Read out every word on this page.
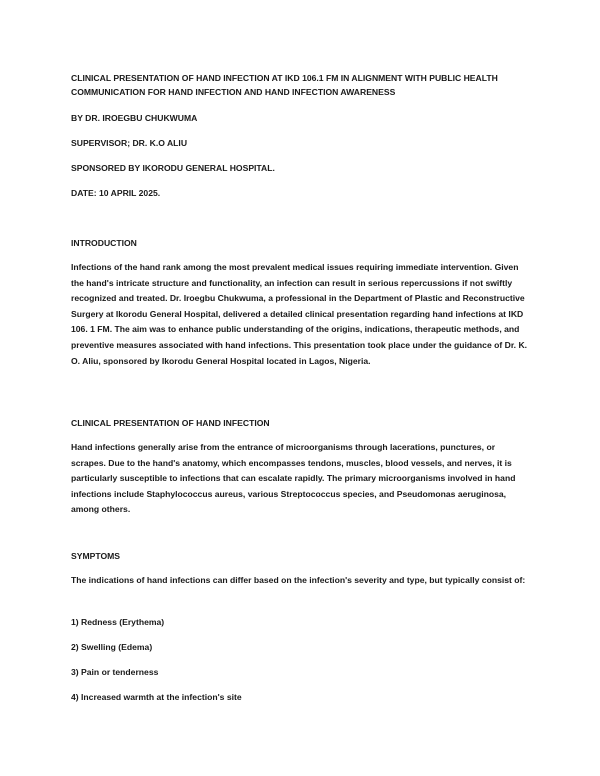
CLINICAL PRESENTATION OF HAND INFECTION AT IKD 106.1 FM IN ALIGNMENT WITH PUBLIC HEALTH COMMUNICATION FOR HAND INFECTION AND HAND INFECTION AWARENESS

BY DR. IROEGBU CHUKWUMA

SUPERVISOR; DR. K.O ALIU

SPONSORED BY IKORODU GENERAL HOSPITAL.

DATE: 10 APRIL 2025.

INTRODUCTION

Infections of the hand rank among the most prevalent medical issues requiring immediate intervention. Given the hand's intricate structure and functionality, an infection can result in serious repercussions if not swiftly recognized and treated. Dr. Iroegbu Chukwuma, a professional in the Department of Plastic and Reconstructive Surgery at Ikorodu General Hospital, delivered a detailed clinical presentation regarding hand infections at IKD 106. 1 FM. The aim was to enhance public understanding of the origins, indications, therapeutic methods, and preventive measures associated with hand infections. This presentation took place under the guidance of Dr. K. O. Aliu, sponsored by Ikorodu General Hospital located in Lagos, Nigeria.

CLINICAL PRESENTATION OF HAND INFECTION

Hand infections generally arise from the entrance of microorganisms through lacerations, punctures, or scrapes. Due to the hand's anatomy, which encompasses tendons, muscles, blood vessels, and nerves, it is particularly susceptible to infections that can escalate rapidly. The primary microorganisms involved in hand infections include Staphylococcus aureus, various Streptococcus species, and Pseudomonas aeruginosa, among others.

SYMPTOMS

The indications of hand infections can differ based on the infection's severity and type, but typically consist of:

1) Redness (Erythema)

2) Swelling (Edema)

3) Pain or tenderness

4) Increased warmth at the infection's site
